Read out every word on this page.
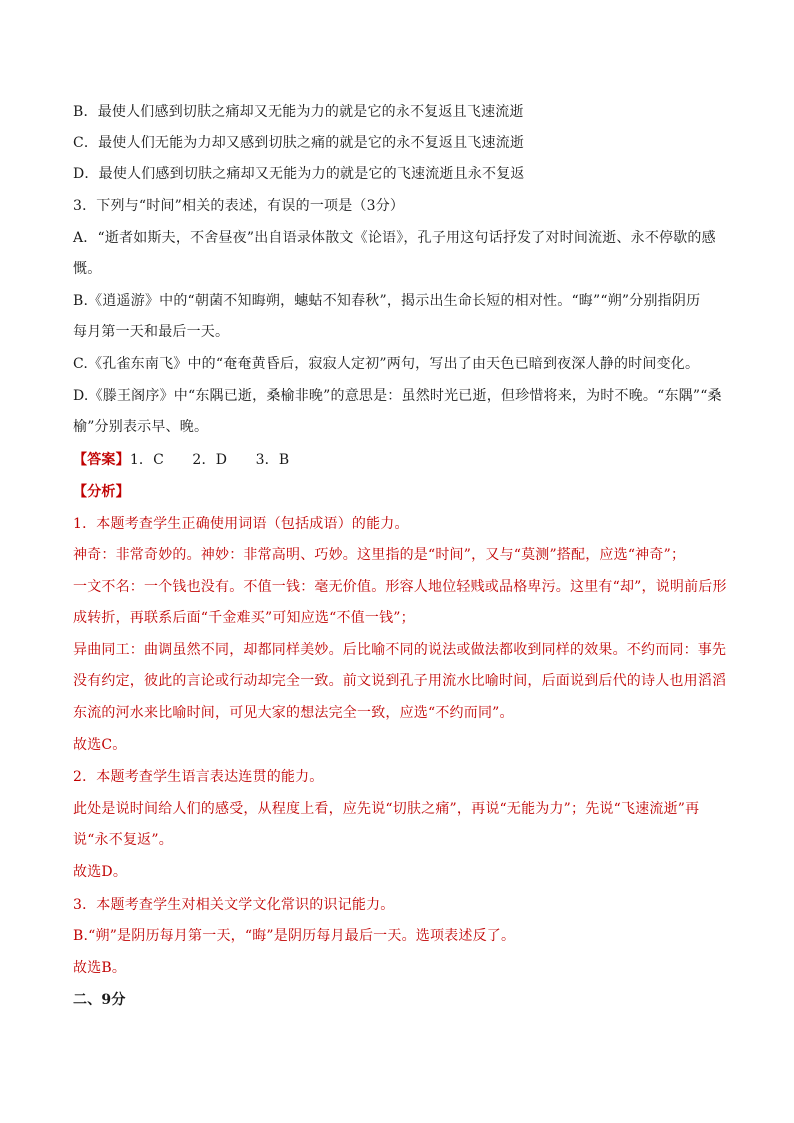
B．最使人们感到切肤之痛却又无能为力的就是它的永不复返且飞速流逝
C．最使人们无能为力却又感到切肤之痛的就是它的永不复返且飞速流逝
D．最使人们感到切肤之痛却又无能为力的就是它的飞速流逝且永不复返
3．下列与“时间”相关的表述，有误的一项是（3分）
A．“逝者如斯夫，不舍昼夜”出自语录体散文《论语》，孔子用这句话抒发了对时间流逝、永不停歇的感
慨。
B.《逍遥游》中的“朝菌不知晦朔，蟪蛄不知春秋”，揭示出生命长短的相对性。“晦”“朔”分别指阴历
每月第一天和最后一天。
C.《孔雀东南飞》中的“奄奄黄昏后，寂寂人定初”两句，写出了由天色已暗到夜深人静的时间变化。
D.《滕王阁序》中“东隅已逝，桑榆非晚”的意思是：虽然时光已逝，但珍惜将来，为时不晚。“东隅”“桑
榆”分别表示早、晚。
【答案】1．C　　2．D　　3．B
【分析】
1．本题考查学生正确使用词语（包括成语）的能力。
神奇：非常奇妙的。神妙：非常高明、巧妙。这里指的是“时间”，又与“莫测”搭配，应选“神奇”；
一文不名：一个钱也没有。不值一钱：毫无价值。形容人地位轻贱或品格卑污。这里有“却”，说明前后形
成转折，再联系后面“千金难买”可知应选“不值一钱”；
异曲同工：曲调虽然不同，却都同样美妙。后比喻不同的说法或做法都收到同样的效果。不约而同：事先
没有约定，彼此的言论或行动却完全一致。前文说到孔子用流水比喻时间，后面说到后代的诗人也用滔滔
东流的河水来比喻时间，可见大家的想法完全一致，应选“不约而同”。
故选C。
2．本题考查学生语言表达连贯的能力。
此处是说时间给人们的感受，从程度上看，应先说“切肤之痛”，再说“无能为力”；先说“飞速流逝”再
说“永不复返”。
故选D。
3．本题考查学生对相关文学文化常识的识记能力。
B.“朔”是阴历每月第一天，“晦”是阴历每月最后一天。选项表述反了。
故选B。
二、9分
